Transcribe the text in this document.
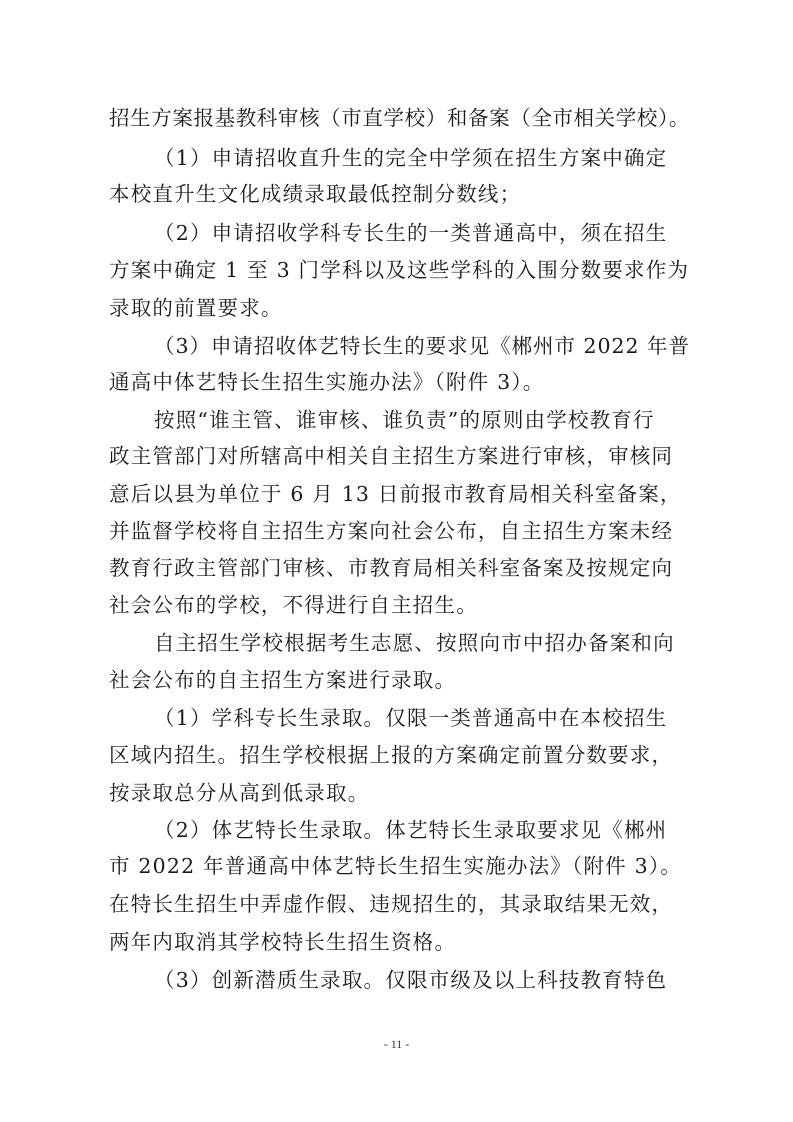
招生方案报基教科审核（市直学校）和备案（全市相关学校）。
（1）申请招收直升生的完全中学须在招生方案中确定
本校直升生文化成绩录取最低控制分数线；
（2）申请招收学科专长生的一类普通高中，须在招生
方案中确定 1 至 3 门学科以及这些学科的入围分数要求作为
录取的前置要求。
（3）申请招收体艺特长生的要求见《郴州市 2022 年普
通高中体艺特长生招生实施办法》（附件 3）。
按照“谁主管、谁审核、谁负责”的原则由学校教育行
政主管部门对所辖高中相关自主招生方案进行审核，审核同
意后以县为单位于 6 月 13 日前报市教育局相关科室备案，
并监督学校将自主招生方案向社会公布，自主招生方案未经
教育行政主管部门审核、市教育局相关科室备案及按规定向
社会公布的学校，不得进行自主招生。
自主招生学校根据考生志愿、按照向市中招办备案和向
社会公布的自主招生方案进行录取。
（1）学科专长生录取。仅限一类普通高中在本校招生
区域内招生。招生学校根据上报的方案确定前置分数要求，
按录取总分从高到低录取。
（2）体艺特长生录取。体艺特长生录取要求见《郴州
市 2022 年普通高中体艺特长生招生实施办法》（附件 3）。
在特长生招生中弄虚作假、违规招生的，其录取结果无效，
两年内取消其学校特长生招生资格。
（3）创新潜质生录取。仅限市级及以上科技教育特色
- 11 -
